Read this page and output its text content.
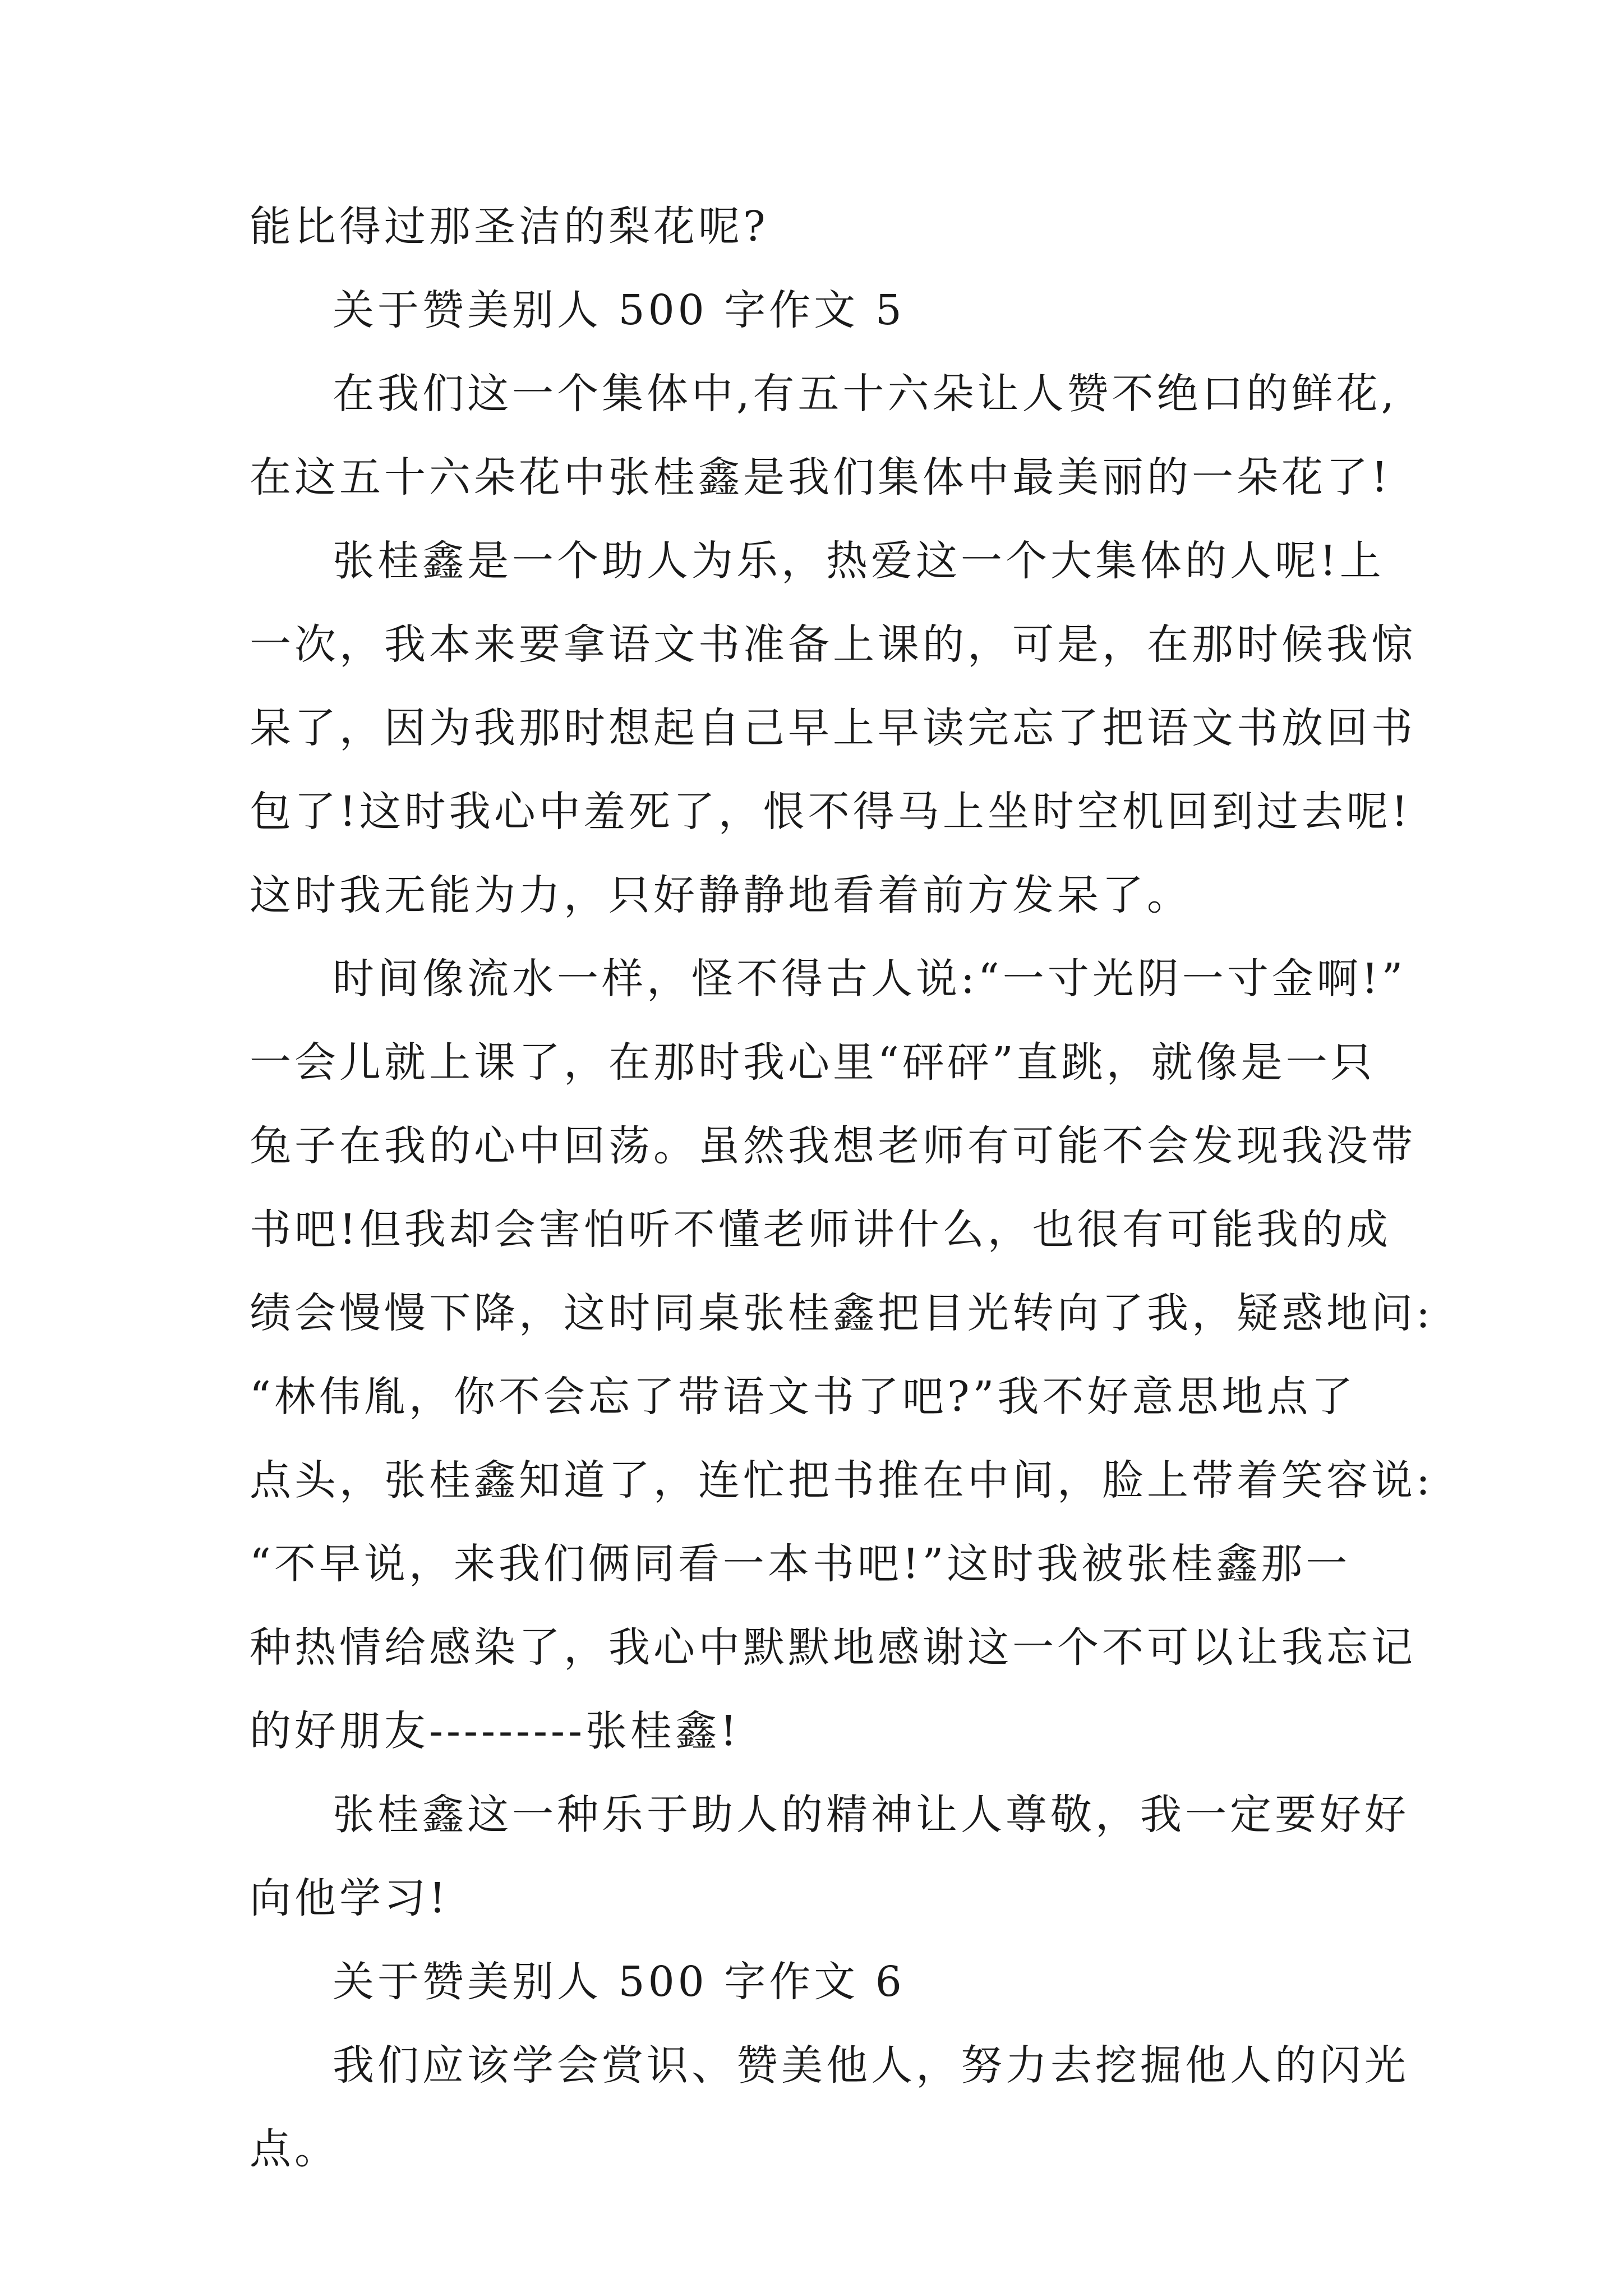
能比得过那圣洁的梨花呢?
关于赞美别人 500 字作文 5
在我们这一个集体中,有五十六朵让人赞不绝口的鲜花,
在这五十六朵花中张桂鑫是我们集体中最美丽的一朵花了!
张桂鑫是一个助人为乐，热爱这一个大集体的人呢!上
一次，我本来要拿语文书准备上课的，可是，在那时候我惊
呆了，因为我那时想起自己早上早读完忘了把语文书放回书
包了!这时我心中羞死了，恨不得马上坐时空机回到过去呢!
这时我无能为力，只好静静地看着前方发呆了。
时间像流水一样，怪不得古人说:“一寸光阴一寸金啊!”
一会儿就上课了，在那时我心里“砰砰”直跳，就像是一只
兔子在我的心中回荡。虽然我想老师有可能不会发现我没带
书吧!但我却会害怕听不懂老师讲什么，也很有可能我的成
绩会慢慢下降，这时同桌张桂鑫把目光转向了我，疑惑地问:
“林伟胤，你不会忘了带语文书了吧?”我不好意思地点了
点头，张桂鑫知道了，连忙把书推在中间，脸上带着笑容说:
“不早说，来我们俩同看一本书吧!”这时我被张桂鑫那一
种热情给感染了，我心中默默地感谢这一个不可以让我忘记
的好朋友---------张桂鑫!
张桂鑫这一种乐于助人的精神让人尊敬，我一定要好好
向他学习!
关于赞美别人 500 字作文 6
我们应该学会赏识、赞美他人，努力去挖掘他人的闪光
点。
